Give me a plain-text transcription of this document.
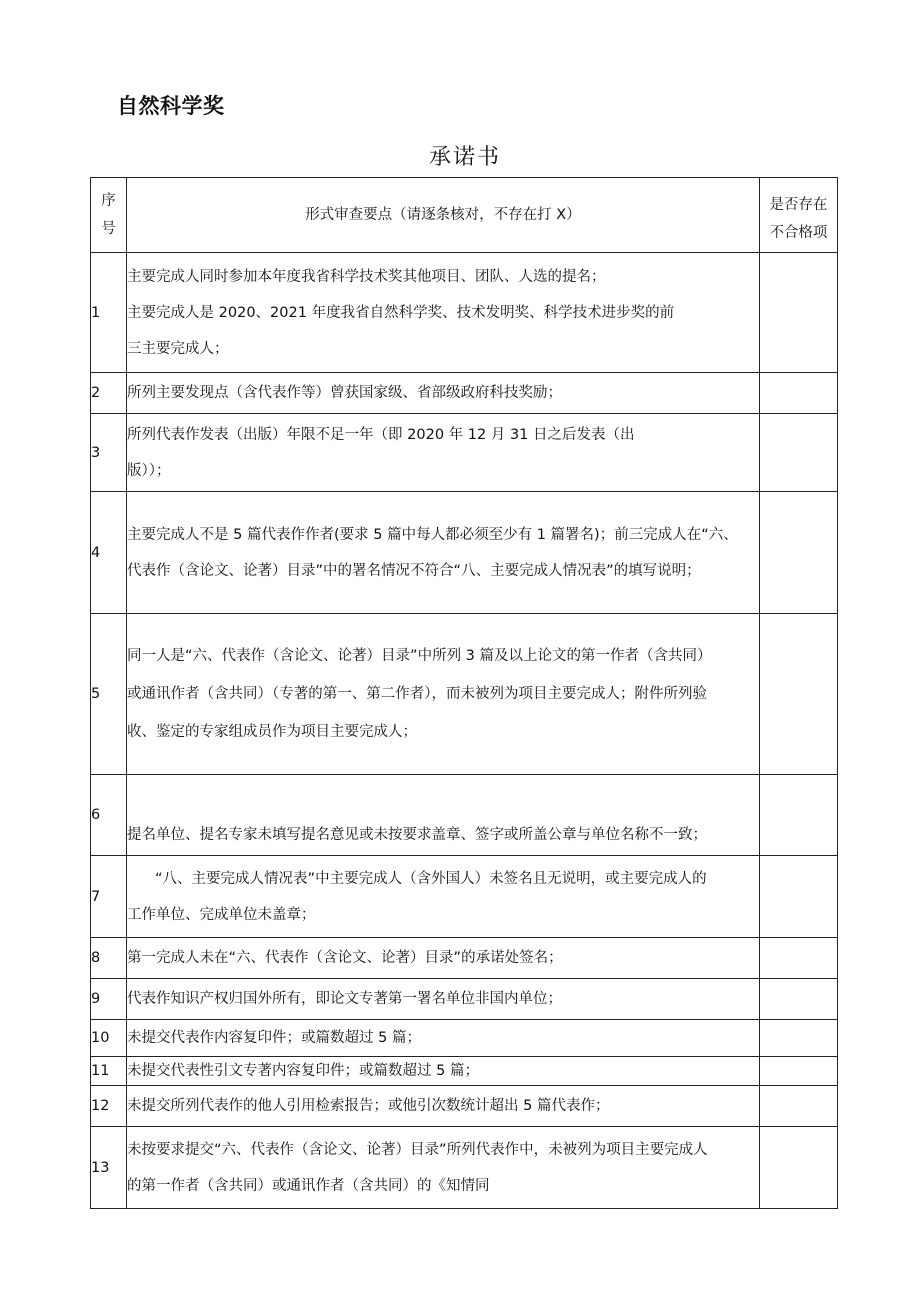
自然科学奖
承诺书
序
号	形式审查要点（请逐条核对，不存在打 X）	是否存在
不合格项

1	主要完成人同时参加本年度我省科学技术奖其他项目、团队、人选的提名；
主要完成人是 2020、2021 年度我省自然科学奖、技术发明奖、科学技术进步奖的前
三主要完成人；	

2	所列主要发现点（含代表作等）曾获国家级、省部级政府科技奖励；	
3	所列代表作发表（出版）年限不足一年（即 2020 年 12 月 31 日之后发表（出
版））；	

4	主要完成人不是 5 篇代表作作者(要求 5 篇中每人都必须至少有 1 篇署名)；前三完成人在“六、
代表作（含论文、论著）目录”中的署名情况不符合“八、主要完成人情况表”的填写说明；	

5	同一人是“六、代表作（含论文、论著）目录”中所列 3 篇及以上论文的第一作者（含共同）
或通讯作者（含共同）（专著的第一、第二作者），而未被列为项目主要完成人；附件所列验
收、鉴定的专家组成员作为项目主要完成人；	

6	提名单位、提名专家未填写提名意见或未按要求盖章、签字或所盖公章与单位名称不一致；	
7	“八、主要完成人情况表”中主要完成人（含外国人）未签名且无说明，或主要完成人的
工作单位、完成单位未盖章；	

8	第一完成人未在“六、代表作（含论文、论著）目录”的承诺处签名；	
9	代表作知识产权归国外所有，即论文专著第一署名单位非国内单位；	
10	未提交代表作内容复印件；或篇数超过 5 篇；	
11	未提交代表性引文专著内容复印件；或篇数超过 5 篇；	
12	未提交所列代表作的他人引用检索报告；或他引次数统计超出 5 篇代表作；	
13	未按要求提交“六、代表作（含论文、论著）目录”所列代表作中，未被列为项目主要完成人
的第一作者（含共同）或通讯作者（含共同）的《知情同	
